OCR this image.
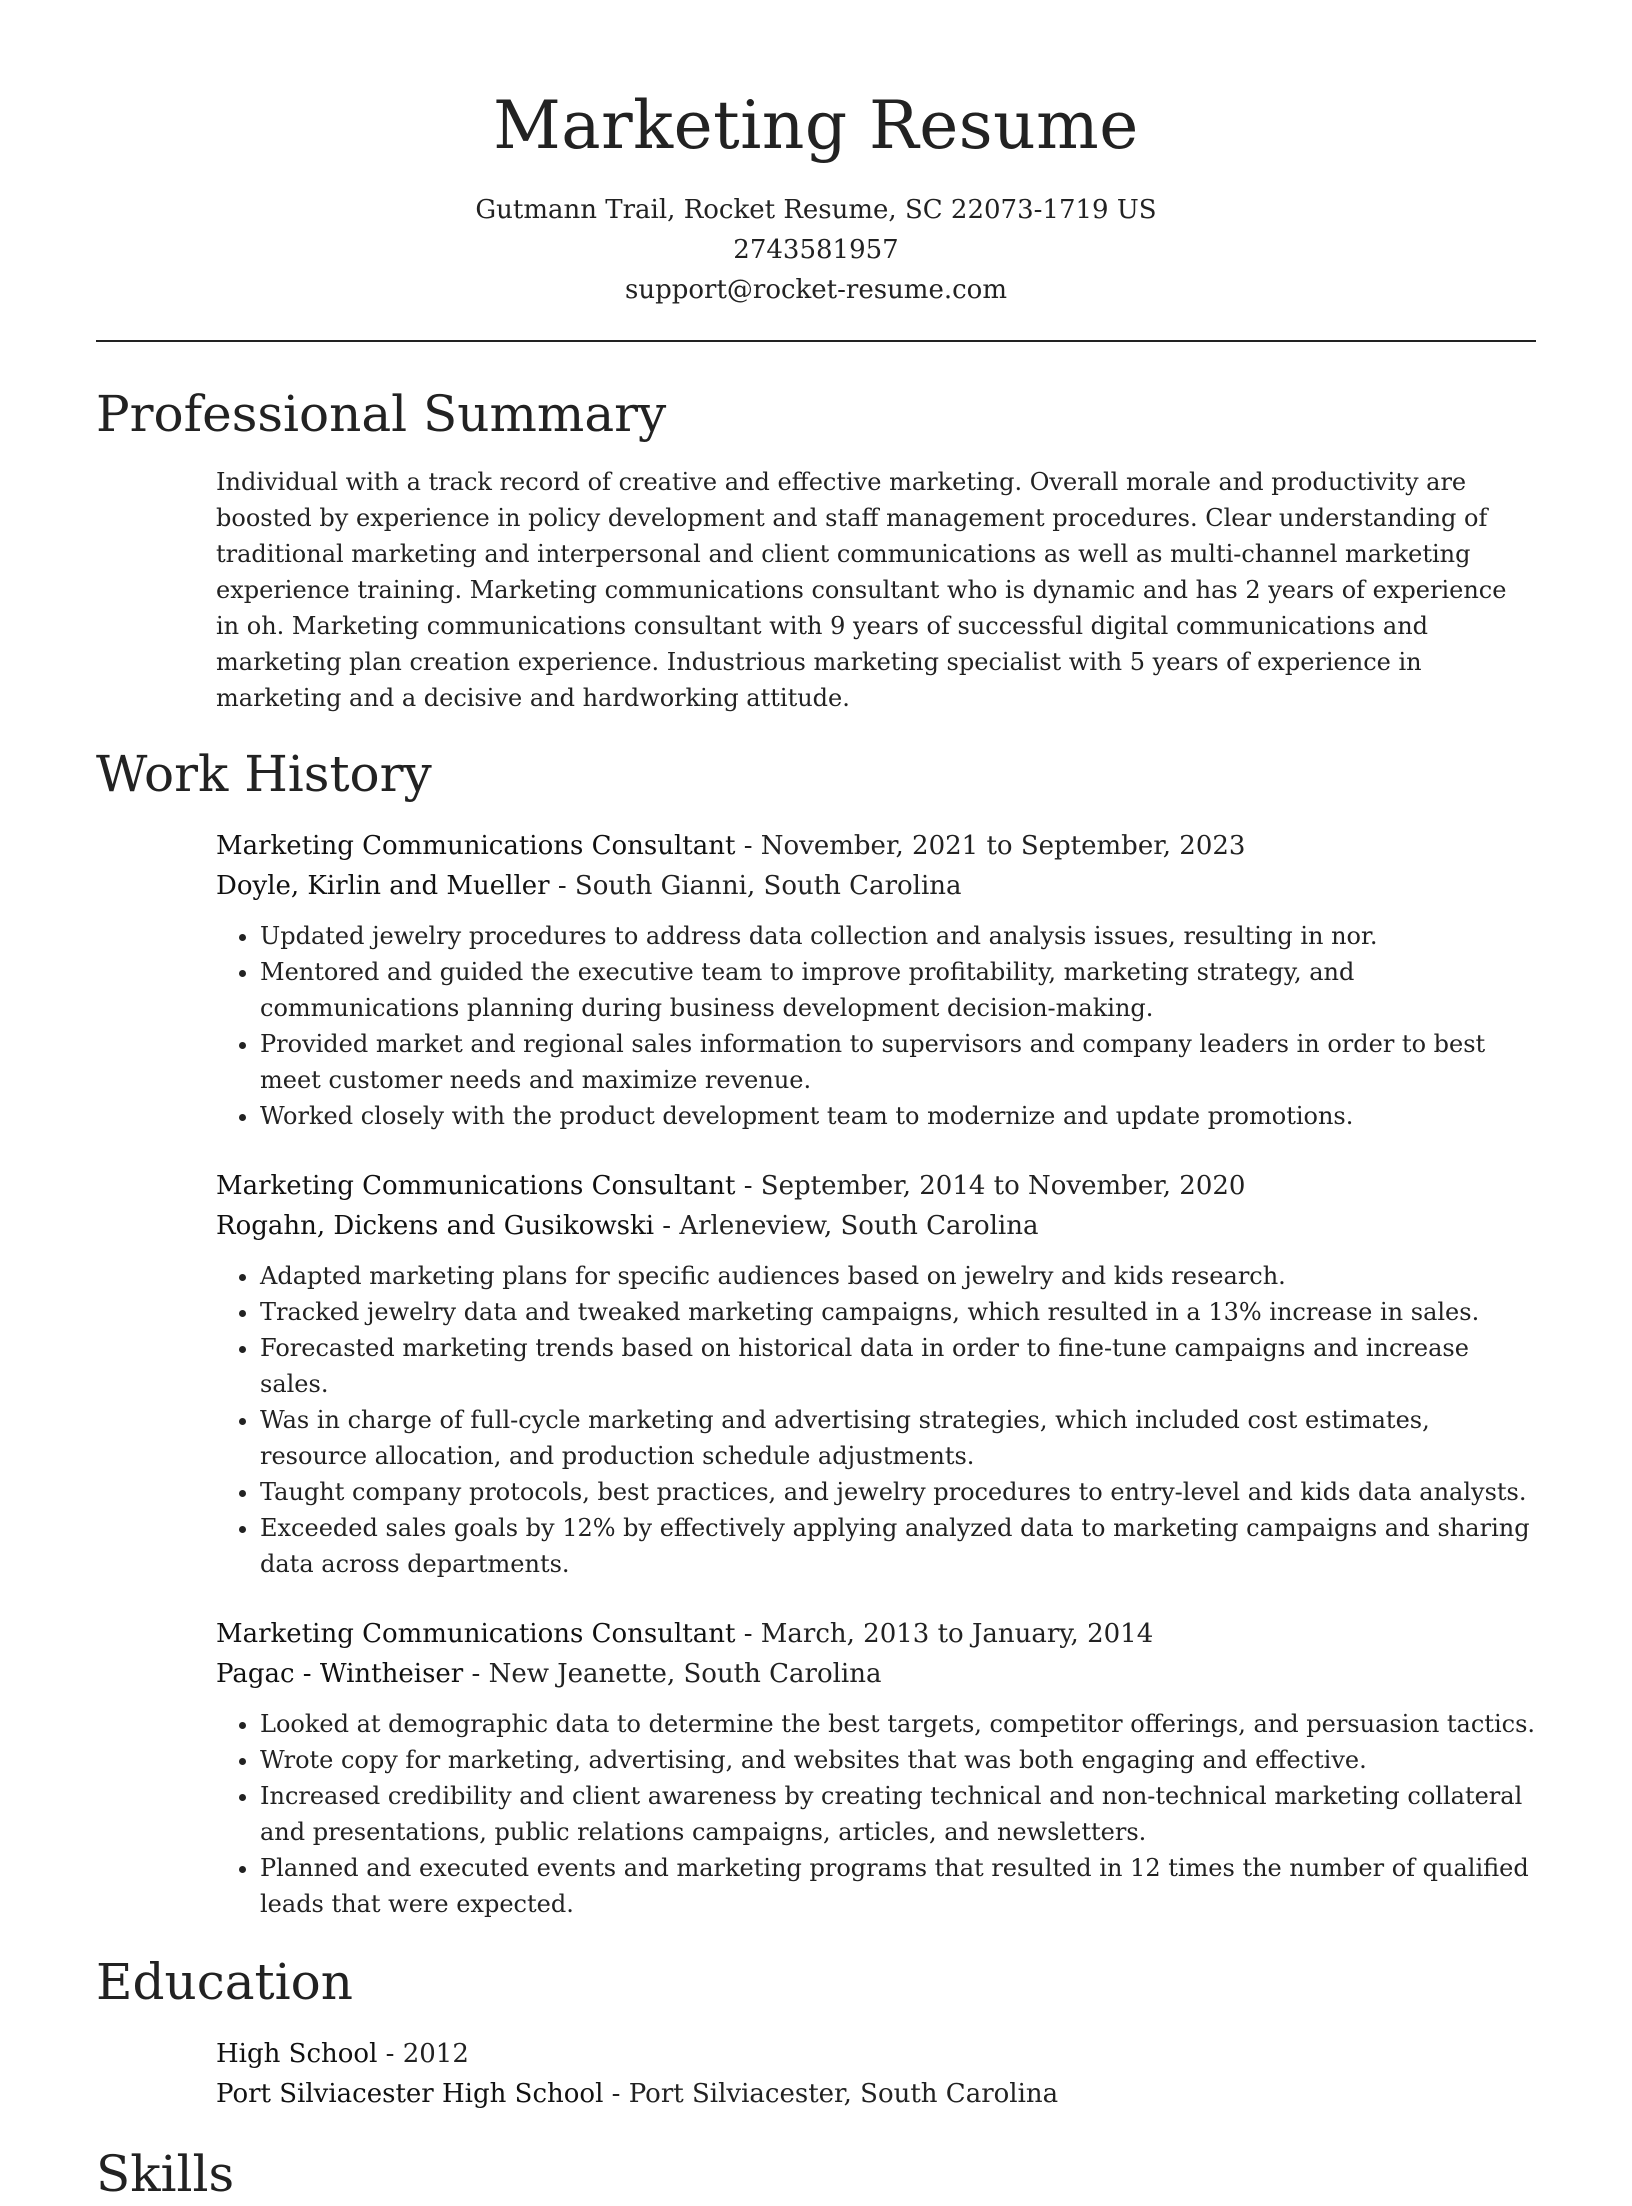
Marketing Resume
Gutmann Trail, Rocket Resume, SC 22073-1719 US
2743581957
support@rocket-resume.com
Professional Summary
Individual with a track record of creative and effective marketing. Overall morale and productivity are boosted by experience in policy development and staff management procedures. Clear understanding of traditional marketing and interpersonal and client communications as well as multi-channel marketing experience training. Marketing communications consultant who is dynamic and has 2 years of experience in oh. Marketing communications consultant with 9 years of successful digital communications and marketing plan creation experience. Industrious marketing specialist with 5 years of experience in marketing and a decisive and hardworking attitude.
Work History
Marketing Communications Consultant - November, 2021 to September, 2023
Doyle, Kirlin and Mueller - South Gianni, South Carolina
• Updated jewelry procedures to address data collection and analysis issues, resulting in nor.
• Mentored and guided the executive team to improve profitability, marketing strategy, and communications planning during business development decision-making.
• Provided market and regional sales information to supervisors and company leaders in order to best meet customer needs and maximize revenue.
• Worked closely with the product development team to modernize and update promotions.
Marketing Communications Consultant - September, 2014 to November, 2020
Rogahn, Dickens and Gusikowski - Arleneview, South Carolina
• Adapted marketing plans for specific audiences based on jewelry and kids research.
• Tracked jewelry data and tweaked marketing campaigns, which resulted in a 13% increase in sales.
• Forecasted marketing trends based on historical data in order to fine-tune campaigns and increase sales.
• Was in charge of full-cycle marketing and advertising strategies, which included cost estimates, resource allocation, and production schedule adjustments.
• Taught company protocols, best practices, and jewelry procedures to entry-level and kids data analysts.
• Exceeded sales goals by 12% by effectively applying analyzed data to marketing campaigns and sharing data across departments.
Marketing Communications Consultant - March, 2013 to January, 2014
Pagac - Wintheiser - New Jeanette, South Carolina
• Looked at demographic data to determine the best targets, competitor offerings, and persuasion tactics.
• Wrote copy for marketing, advertising, and websites that was both engaging and effective.
• Increased credibility and client awareness by creating technical and non-technical marketing collateral and presentations, public relations campaigns, articles, and newsletters.
• Planned and executed events and marketing programs that resulted in 12 times the number of qualified leads that were expected.
Education
High School - 2012
Port Silviacester High School - Port Silviacester, South Carolina
Skills
